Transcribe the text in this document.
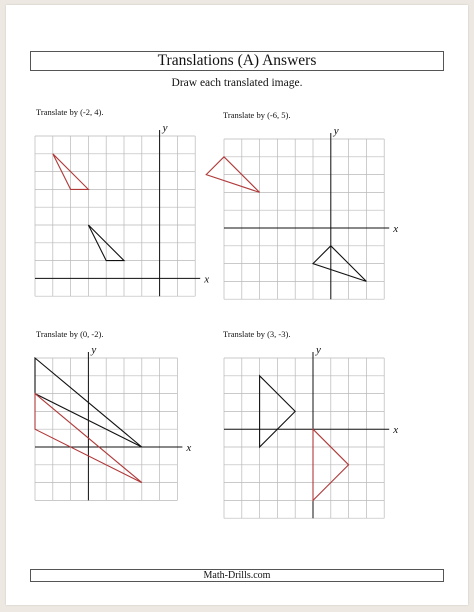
Translations (A) Answers
Draw each translated image.
Translate by (-2, 4).	Translate by (-6, 5).
Translate by (0, -2).	Translate by (3, -3).
x
y
x
y
x
y
x
y
Math-Drills.com
